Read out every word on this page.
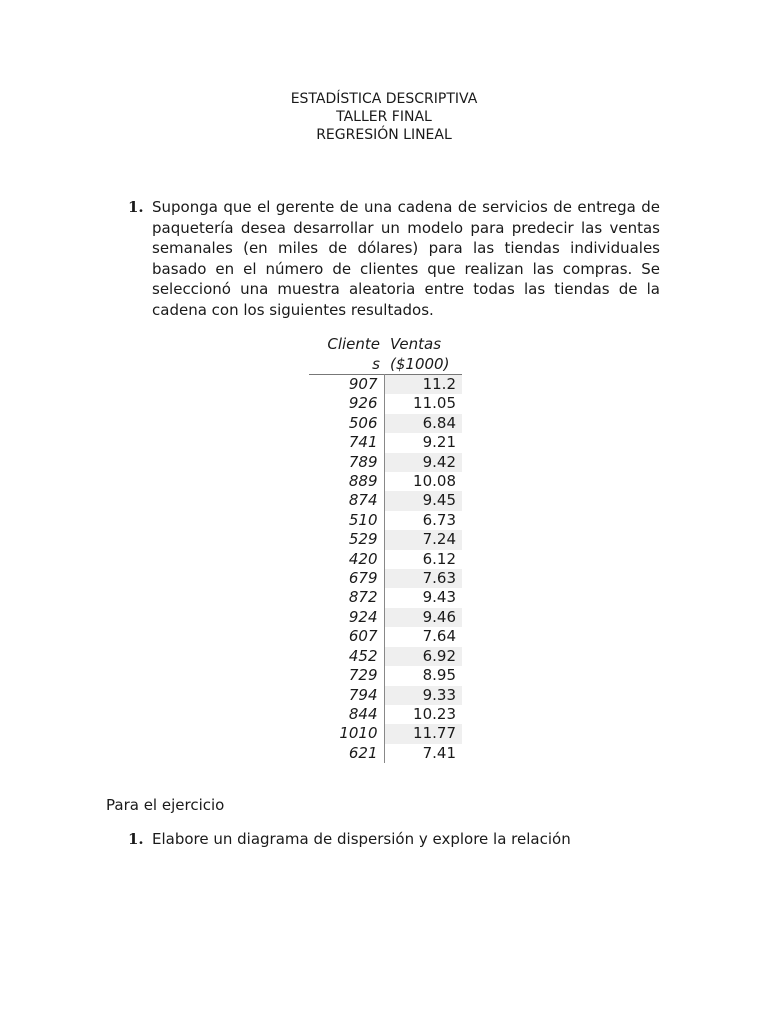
ESTADÍSTICA DESCRIPTIVA
TALLER FINAL
REGRESIÓN LINEAL
1. Suponga que el gerente de una cadena de servicios de entrega de paquetería desea desarrollar un modelo para predecir las ventas semanales (en miles de dólares) para las tiendas individuales basado en el número de clientes que realizan las compras. Se seleccionó una muestra aleatoria entre todas las tiendas de la cadena con los siguientes resultados.
Cliente
s	Ventas
($1000)

907	11.2
926	11.05
506	6.84
741	9.21
789	9.42
889	10.08
874	9.45
510	6.73
529	7.24
420	6.12
679	7.63
872	9.43
924	9.46
607	7.64
452	6.92
729	8.95
794	9.33
844	10.23
1010	11.77
621	7.41
Para el ejercicio
1. Elabore un diagrama de dispersión y explore la relación
